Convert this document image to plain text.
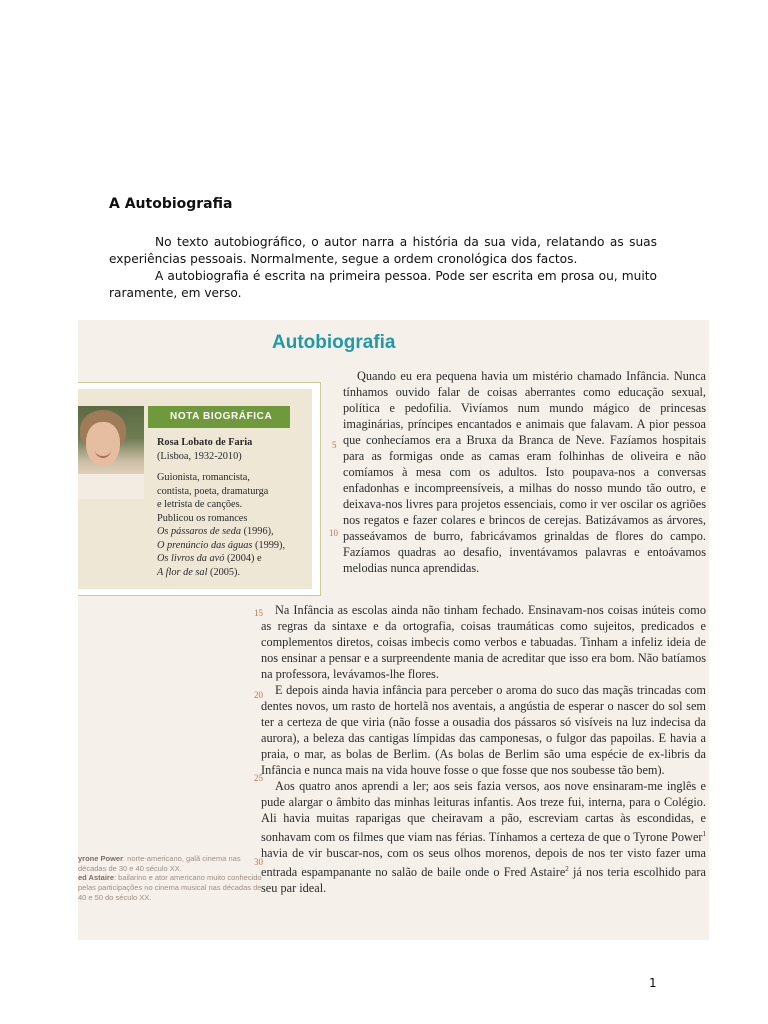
A Autobiografia

No texto autobiográfico, o autor narra a história da sua vida, relatando as suas experiências pessoais. Normalmente, segue a ordem cronológica dos factos.

A autobiografia é escrita na primeira pessoa. Pode ser escrita em prosa ou, muito raramente, em verso.

Autobiografia
NOTA BIOGRÁFICA
Rosa Lobato de Faria
(Lisboa, 1932-2010)
Guionista, romancista,
contista, poeta, dramaturga
e letrista de canções.
Publicou os romances
Os pássaros de seda (1996),
O prenúncio das águas (1999),
Os livros da avó (2004) e
A flor de sal (2005).

Quando eu era pequena havia um mistério chamado Infância. Nunca tínhamos ouvido falar de coisas aberrantes como educação sexual, política e pedofilia. Vivíamos num mundo mágico de princesas imaginárias, príncipes encantados e animais que falavam. A pior pessoa que conhecíamos era a Bruxa da Branca de Neve. Fazíamos hospitais para as formigas onde as camas eram folhinhas de oliveira e não comíamos à mesa com os adultos. Isto poupava-nos a conversas enfadonhas e incompreensíveis, a milhas do nosso mundo tão outro, e deixava-nos livres para projetos essenciais, como ir ver oscilar os agriões nos regatos e fazer colares e brincos de cerejas. Batizávamos as árvores, passeávamos de burro, fabricávamos grinaldas de flores do campo. Fazíamos quadras ao desafio, inventávamos palavras e entoávamos melodias nunca aprendidas.

Na Infância as escolas ainda não tinham fechado. Ensinavam-nos coisas inúteis como as regras da sintaxe e da ortografia, coisas traumáticas como sujeitos, predicados e complementos diretos, coisas imbecis como verbos e tabuadas. Tinham a infeliz ideia de nos ensinar a pensar e a surpreendente mania de acreditar que isso era bom. Não batíamos na professora, levávamos-lhe flores.

E depois ainda havia infância para perceber o aroma do suco das maçãs trincadas com dentes novos, um rasto de hortelã nos aventais, a angústia de esperar o nascer do sol sem ter a certeza de que viria (não fosse a ousadia dos pássaros só visíveis na luz indecisa da aurora), a beleza das cantigas límpidas das camponesas, o fulgor das papoilas. E havia a praia, o mar, as bolas de Berlim. (As bolas de Berlim são uma espécie de ex-libris da Infância e nunca mais na vida houve fosse o que fosse que nos soubesse tão bem).

Aos quatro anos aprendi a ler; aos seis fazia versos, aos nove ensinaram-me inglês e pude alargar o âmbito das minhas leituras infantis. Aos treze fui, interna, para o Colégio. Ali havia muitas raparigas que cheiravam a pão, escreviam cartas às escondidas, e sonhavam com os filmes que viam nas férias. Tínhamos a certeza de que o Tyrone Power$^1$ havia de vir buscar-nos, com os seus olhos morenos, depois de nos ter visto fazer uma entrada espampanante no salão de baile onde o Fred Astaire$^2$ já nos teria escolhido para seu par ideal.

5
10
15
20
25
30
yrone Power: norte-americano, galã cinema nas décadas de 30 e 40 século XX.
ed Astaire: bailarino e ator americano muito conhecido pelas participações no cinema musical nas décadas de 40 e 50 do século XX.
1
